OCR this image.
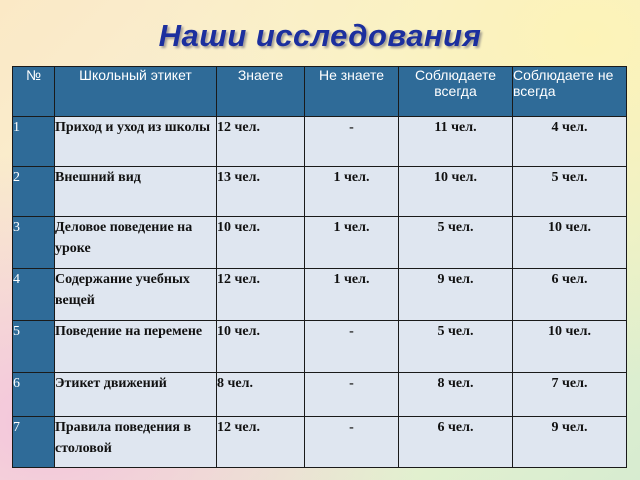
Наши исследования
№	Школьный этикет	Знаете	Не знаете	Соблюдаете всегда	Соблюдаете не всегда
1	Приход и уход из школы	12 чел.	-	11 чел.	4 чел.
2	Внешний вид	13 чел.	1 чел.	10 чел.	5 чел.
3	Деловое поведение на уроке	10 чел.	1 чел.	5 чел.	10 чел.
4	Содержание учебных вещей	12 чел.	1 чел.	9 чел.	6 чел.
5	Поведение на перемене	10 чел.	-	5 чел.	10 чел.
6	Этикет движений	8 чел.	-	8 чел.	7 чел.
7	Правила поведения в столовой	12 чел.	-	6 чел.	9 чел.
